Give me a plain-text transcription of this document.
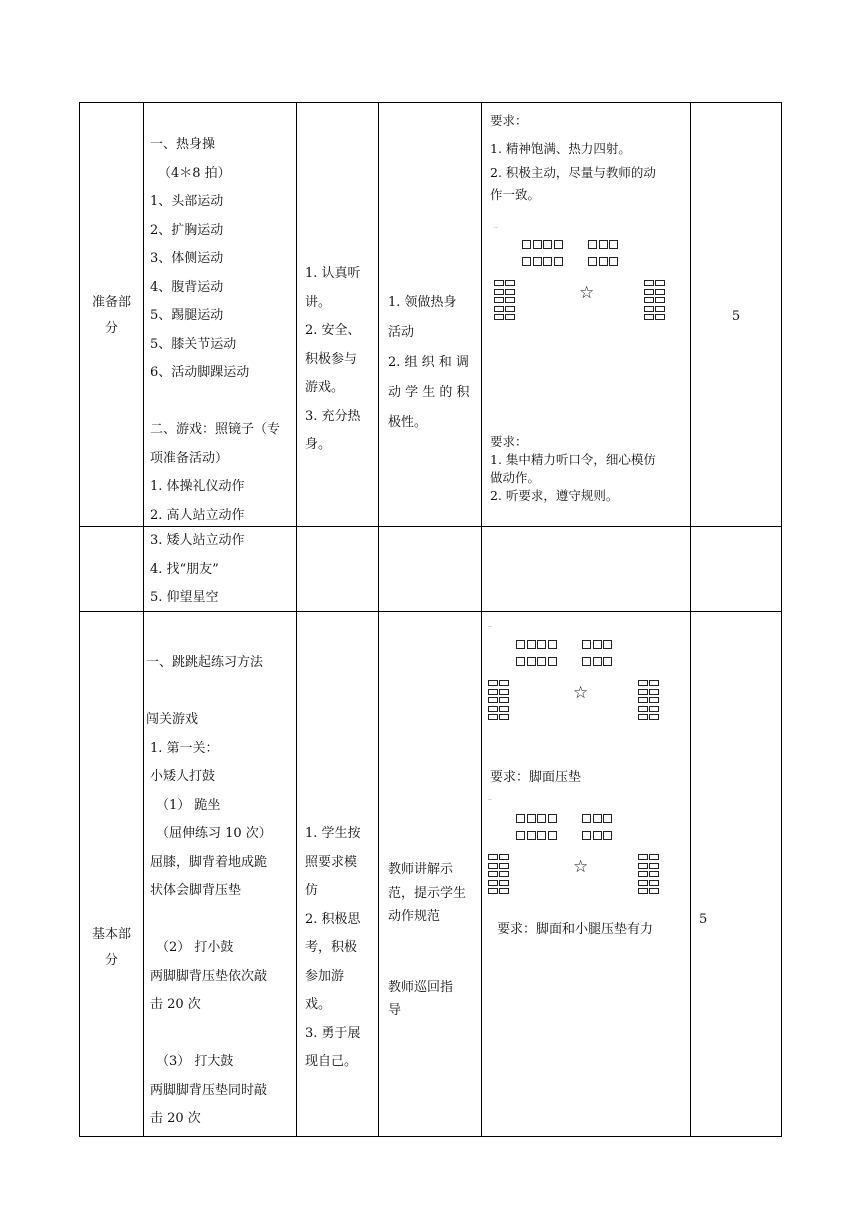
准备部
分
一、热身操
（4＊8 拍）
1、头部运动
2、扩胸运动
3、体侧运动
4、腹背运动
5、踢腿运动
5、膝关节运动
6、活动脚踝运动
二、游戏：照镜子（专
项准备活动）
1. 体操礼仪动作
2. 高人站立动作
1. 认真听
讲。
2. 安全、
积极参与
游戏。
3. 充分热
身。
1. 领做热身
活动
2. 组 织 和 调
动 学 生 的 积
极性。
要求：
1. 精神饱满、热力四射。
2. 积极主动，尽量与教师的动
作一致。
··
☆
要求：
1. 集中精力听口令，细心模仿
做动作。
2. 听要求，遵守规则。
5
3. 矮人站立动作
4. 找“朋友”
5. 仰望星空
基本部
分
一、跳跳起练习方法
闯关游戏
1. 第一关：
小矮人打鼓
（1） 跪坐
（屈伸练习 10 次）
屈膝，脚背着地成跪
状体会脚背压垫
（2） 打小鼓
两脚脚背压垫依次敲
击 20 次
（3） 打大鼓
两脚脚背压垫同时敲
击 20 次
1. 学生按
照要求模
仿
2. 积极思
考，积极
参加游
戏。
3. 勇于展
现自己。
教师讲解示
范，提示学生
动作规范
教师巡回指
导
··
☆
要求：脚面压垫
··
☆
要求：脚面和小腿压垫有力
5
